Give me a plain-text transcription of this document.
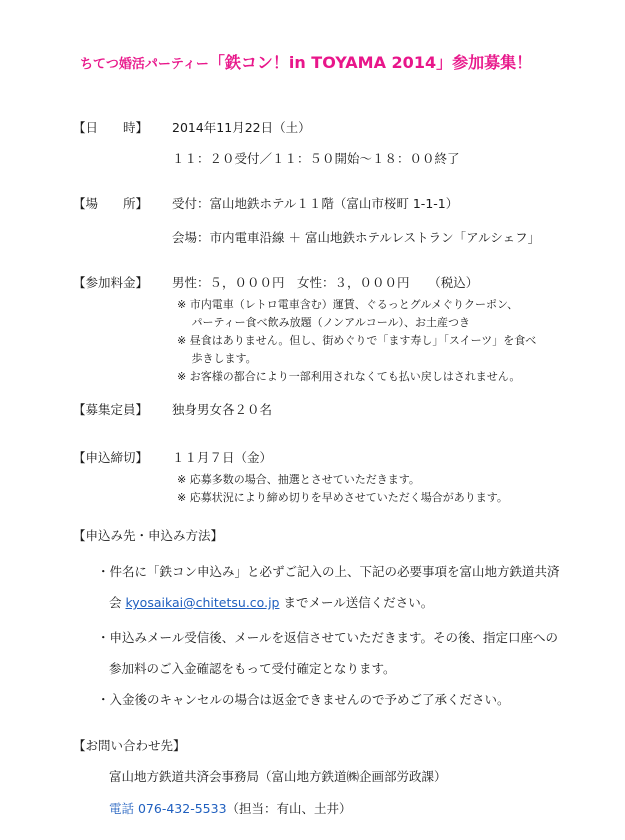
ちてつ婚活パーティー「鉄コン！in TOYAMA 2014」参加募集！
【日　　時】 2014年11月22日（土）
１１：２０受付／１１：５０開始～１８：００終了
【場　　所】 受付：富山地鉄ホテル１１階（富山市桜町 1-1-1）
会場：市内電車沿線 ＋ 富山地鉄ホテルレストラン「アルシェフ」
【参加料金】 男性：５，０００円　女性：３，０００円　　（税込）
※ 市内電車（レトロ電車含む）運賃、ぐるっとグルメぐりクーポン、
　 パーティー食べ飲み放題（ノンアルコール）、お土産つき
※ 昼食はありません。但し、街めぐりで「ます寿し」「スイーツ」を食べ
　 歩きします。
※ お客様の都合により一部利用されなくても払い戻しはされません。
【募集定員】 独身男女各２０名
【申込締切】 １１月７日（金）
※ 応募多数の場合、抽選とさせていただきます。
※ 応募状況により締め切りを早めさせていただく場合があります。
【申込み先・申込み方法】
・件名に「鉄コン申込み」と必ずご記入の上、下記の必要事項を富山地方鉄道共済
会 kyosaikai@chitetsu.co.jp までメール送信ください。
・申込みメール受信後、メールを返信させていただきます。その後、指定口座への
参加料のご入金確認をもって受付確定となります。
・入金後のキャンセルの場合は返金できませんので予めご了承ください。
【お問い合わせ先】
富山地方鉄道共済会事務局（富山地方鉄道㈱企画部労政課）
電話 076-432-5533（担当：有山、土井）
